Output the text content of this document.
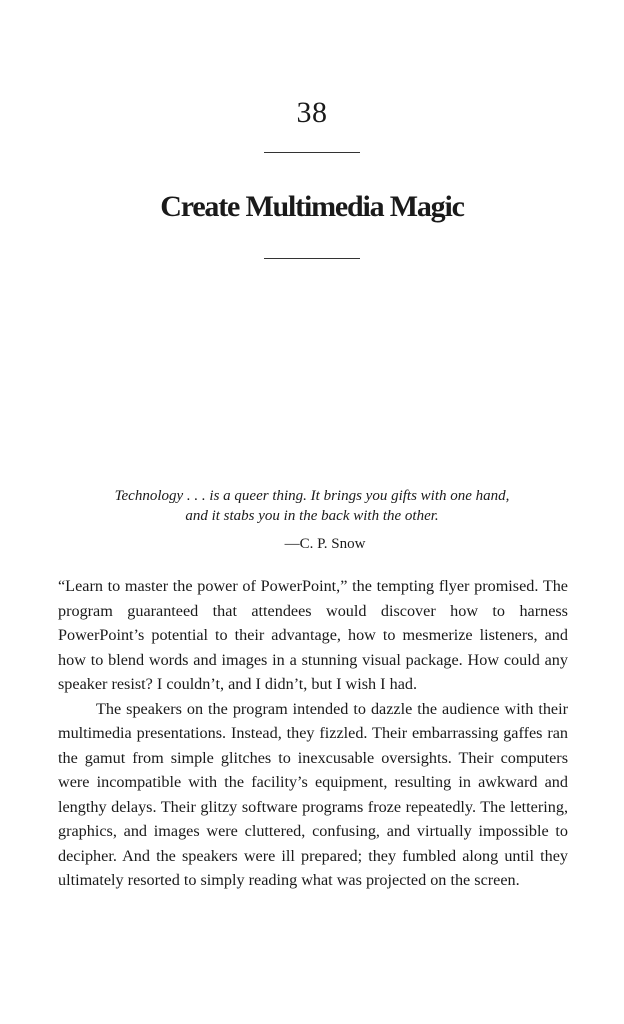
38
Create Multimedia Magic

Technology . . . is a queer thing. It brings you gifts with one hand,
and it stabs you in the back with the other.

—C. P. Snow

“Learn to master the power of PowerPoint,” the tempting flyer promised. The program guaranteed that attendees would discover how to harness PowerPoint’s potential to their advantage, how to mesmerize listeners, and how to blend words and images in a stunning visual package. How could any speaker resist? I couldn’t, and I didn’t, but I wish I had.

The speakers on the program intended to dazzle the audience with their multimedia presentations. Instead, they fizzled. Their embarrassing gaffes ran the gamut from simple glitches to inexcusable oversights. Their computers were incompatible with the facility’s equipment, resulting in awkward and lengthy delays. Their glitzy software programs froze repeatedly. The lettering, graphics, and images were cluttered, confusing, and virtually impossible to decipher. And the speakers were ill prepared; they fumbled along until they ultimately resorted to simply reading what was projected on the screen.
